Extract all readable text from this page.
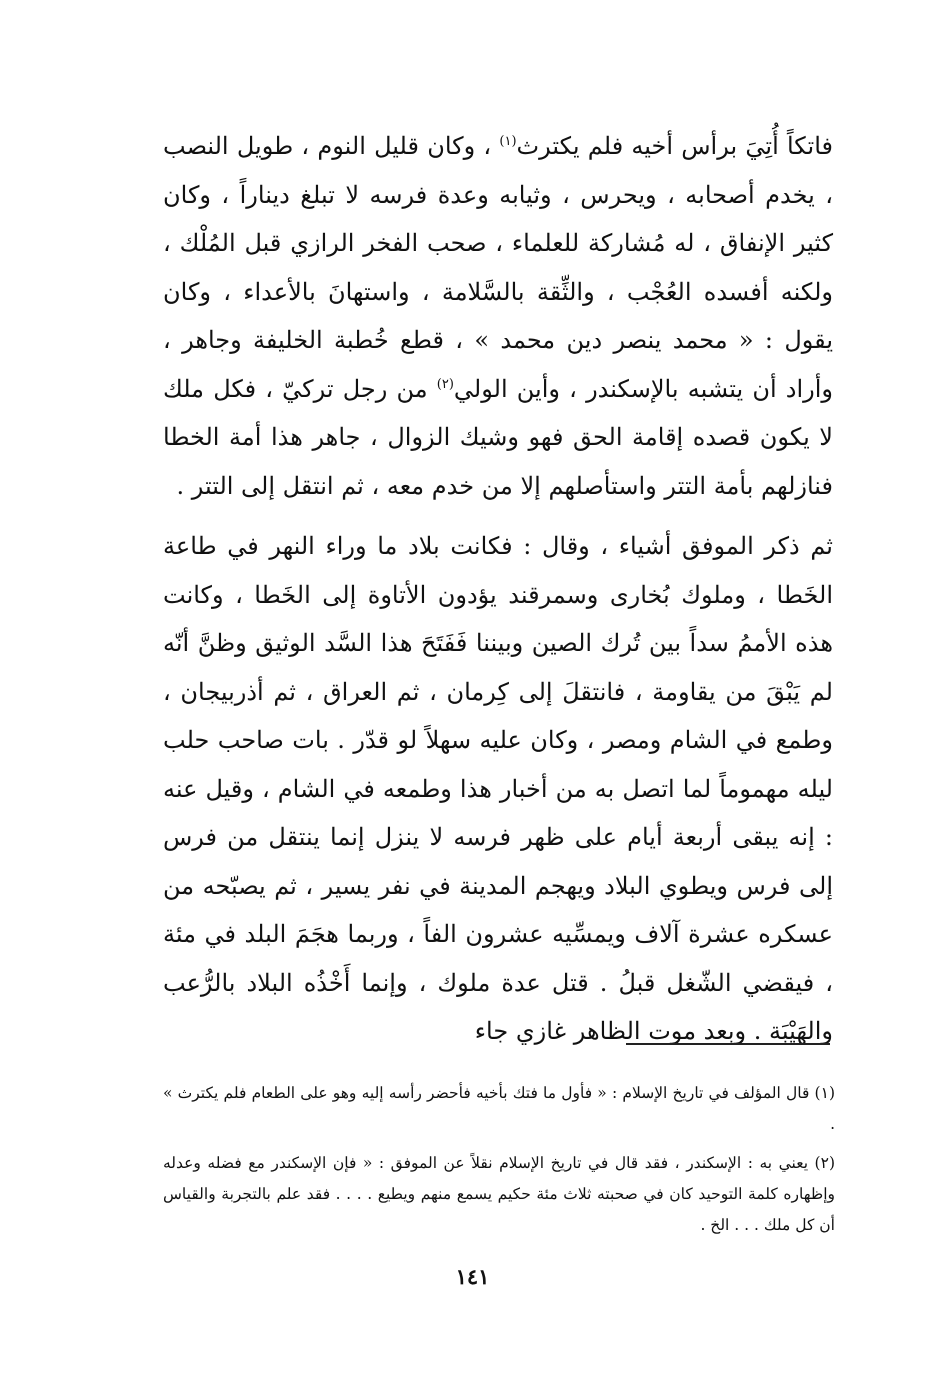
فاتكاً أُتِيَ برأس أخيه فلم يكترث$^{(١)}$ ، وكان قليل النوم ، طويل النصب ، يخدم أصحابه ، ويحرس ، وثيابه وعدة فرسه لا تبلغ ديناراً ، وكان كثير الإنفاق ، له مُشاركة للعلماء ، صحب الفخر الرازي قبل المُلْك ، ولكنه أفسده العُجْب ، والثِّقة بالسَّلامة ، واستهانَ بالأعداء ، وكان يقول : « محمد ينصر دين محمد » ، قطع خُطبة الخليفة وجاهر ، وأراد أن يتشبه بالإسكندر ، وأين الولي$^{(٢)}$ من رجل تركيّ ، فكل ملك لا يكون قصده إقامة الحق فهو وشيك الزوال ، جاهر هذا أمة الخطا فنازلهم بأمة التتر واستأصلهم إلا من خدم معه ، ثم انتقل إلى التتر .

ثم ذكر الموفق أشياء ، وقال : فكانت بلاد ما وراء النهر في طاعة الخَطا ، وملوك بُخارى وسمرقند يؤدون الأتاوة إلى الخَطا ، وكانت هذه الأممُ سداً بين تُرك الصين وبيننا فَفَتَحَ هذا السَّد الوثيق وظنَّ أنّه لم يَبْقَ من يقاومة ، فانتقلَ إلى كِرمان ، ثم العراق ، ثم أذربيجان ، وطمع في الشام ومصر ، وكان عليه سهلاً لو قدّر . بات صاحب حلب ليله مهموماً لما اتصل به من أخبار هذا وطمعه في الشام ، وقيل عنه : إنه يبقى أربعة أيام على ظهر فرسه لا ينزل إنما ينتقل من فرس إلى فرس ويطوي البلاد ويهجم المدينة في نفر يسير ، ثم يصبّحه من عسكره عشرة آلاف ويمسِّيه عشرون الفاً ، وربما هجَمَ البلد في مئة ، فيقضي الشّغل قبلُ . قتل عدة ملوك ، وإنما أَخْذُه البلاد بالرُّعب والهَيْبَة . وبعد موت الظاهر غازي جاء

(١) قال المؤلف في تاريخ الإسلام : « فأول ما فتك بأخيه فأحضر رأسه إليه وهو على الطعام فلم يكترث » .

(٢) يعني به : الإسكندر ، فقد قال في تاريخ الإسلام نقلاً عن الموفق : « فإن الإسكندر مع فضله وعدله وإظهاره كلمة التوحيد كان في صحبته ثلاث مئة حكيم يسمع منهم ويطيع . . . . فقد علم بالتجربة والقياس أن كل ملك . . . الخ .

١٤١
